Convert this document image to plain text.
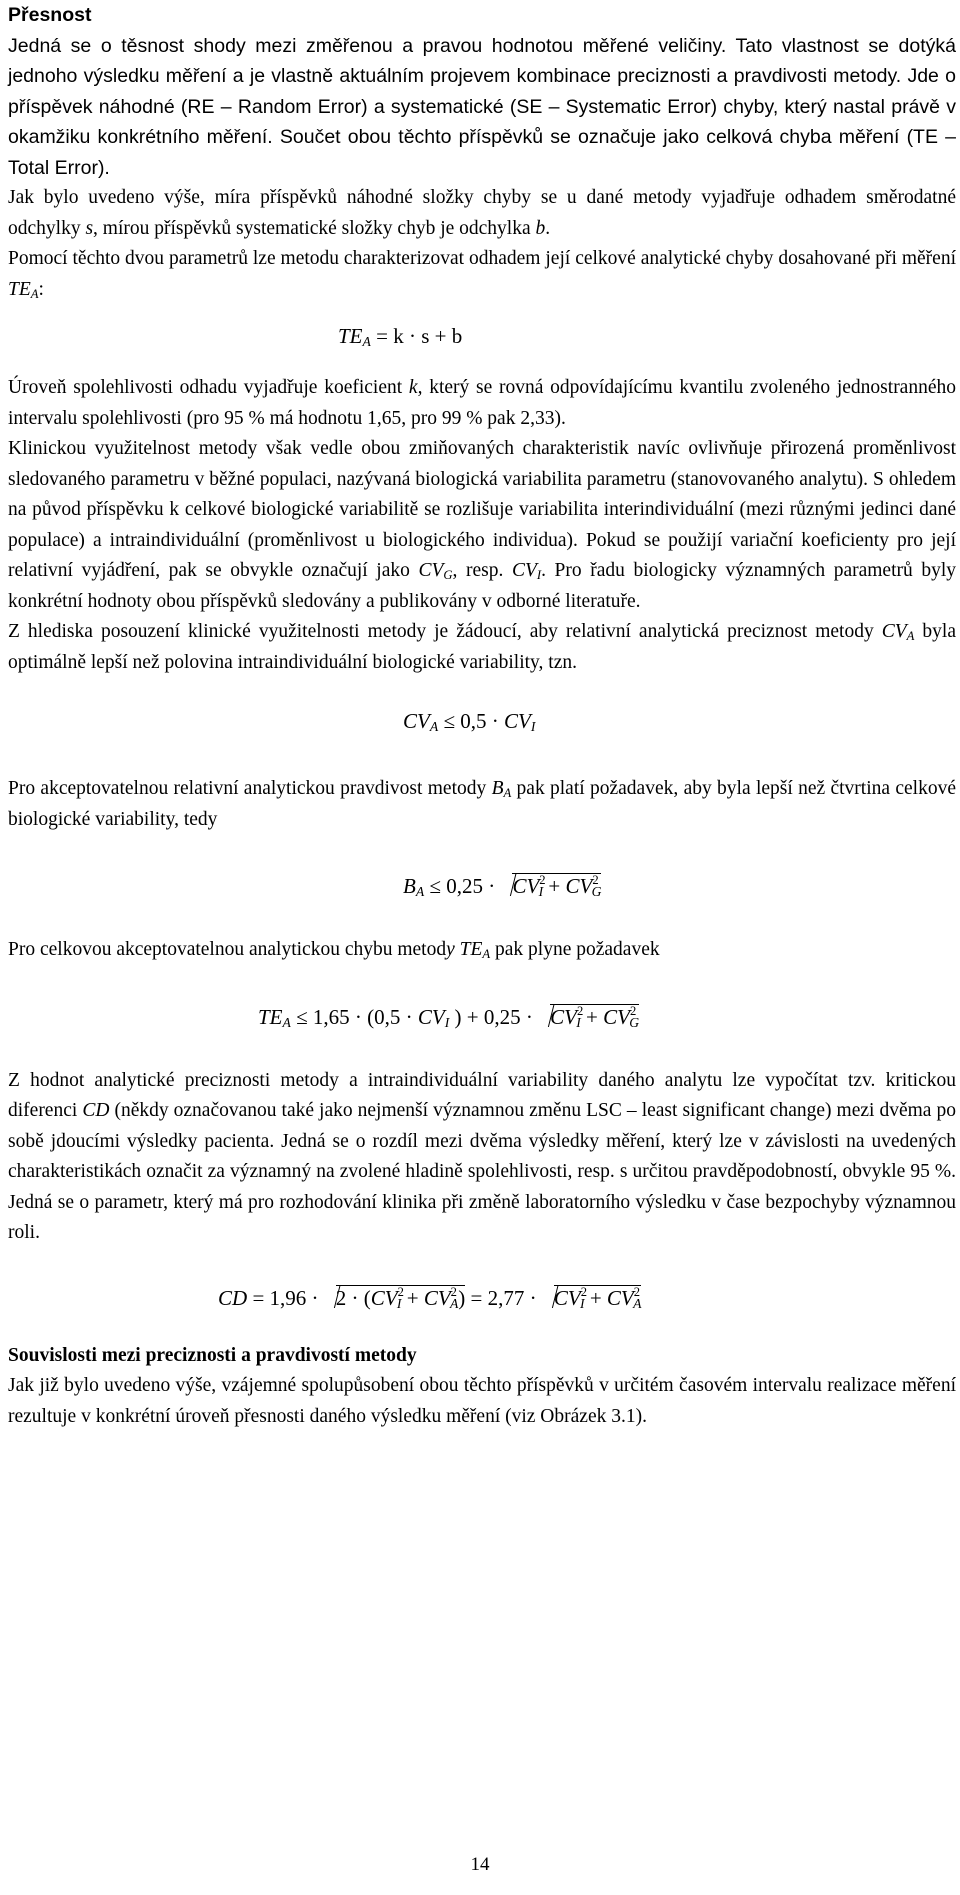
Přesnost

Jedná se o těsnost shody mezi změřenou a pravou hodnotou měřené veličiny. Tato vlastnost se dotýká jednoho výsledku měření a je vlastně aktuálním projevem kombinace preciznosti a pravdivosti metody. Jde o příspěvek náhodné (RE – Random Error) a systematické (SE – Systematic Error) chyby, který nastal právě v okamžiku konkrétního měření. Součet obou těchto příspěvků se označuje jako celková chyba měření (TE – Total Error).

Jak bylo uvedeno výše, míra příspěvků náhodné složky chyby se u dané metody vyjadřuje odhadem směrodatné odchylky s, mírou příspěvků systematické složky chyb je odchylka b.

Pomocí těchto dvou parametrů lze metodu charakterizovat odhadem její celkové analytické chyby dosahované při měření $TE_A$:

$TE_A = k \cdot s + b$

Úroveň spolehlivosti odhadu vyjadřuje koeficient k, který se rovná odpovídajícímu kvantilu zvoleného jednostranného intervalu spolehlivosti (pro 95 % má hodnotu 1,65, pro 99 % pak 2,33).

Klinickou využitelnost metody však vedle obou zmiňovaných charakteristik navíc ovlivňuje přirozená proměnlivost sledovaného parametru v běžné populaci, nazývaná biologická variabilita parametru (stanovovaného analytu). S ohledem na původ příspěvku k celkové biologické variabilitě se rozlišuje variabilita interindividuální (mezi různými jedinci dané populace) a intraindividuální (proměnlivost u biologického individua). Pokud se použijí variační koeficienty pro její relativní vyjádření, pak se obvykle označují jako $CV_G$, resp. $CV_I$. Pro řadu biologicky významných parametrů byly konkrétní hodnoty obou příspěvků sledovány a publikovány v odborné literatuře.

Z hlediska posouzení klinické využitelnosti metody je žádoucí, aby relativní analytická preciznost metody $CV_A$ byla optimálně lepší než polovina intraindividuální biologické variability, tzn.

$CV_A \le 0,5 \cdot CV_I$

Pro akceptovatelnou relativní analytickou pravdivost metody $B_A$ pak platí požadavek, aby byla lepší než čtvrtina celkové biologické variability, tedy

$B_A \le 0,25 \cdot CV^2_I + CV^2_G$

Pro celkovou akceptovatelnou analytickou chybu metody $TE_A$ pak plyne požadavek

$TE_A \le 1,65 \cdot (0,5 \cdot CV_I$ ) + $0,25 \cdot CV^2_I + CV^2_G$

Z hodnot analytické preciznosti metody a intraindividuální variability daného analytu lze vypočítat tzv. kritickou diferenci CD (někdy označovanou také jako nejmenší významnou změnu LSC – least significant change) mezi dvěma po sobě jdoucími výsledky pacienta. Jedná se o rozdíl mezi dvěma výsledky měření, který lze v závislosti na uvedených charakteristikách označit za významný na zvolené hladině spolehlivosti, resp. s určitou pravděpodobností, obvykle 95 %. Jedná se o parametr, který má pro rozhodování klinika při změně laboratorního výsledku v čase bezpochyby významnou roli.

CD = $1,96 \cdot 2 \cdot (CV^2_I + CV^2_A) = 2,77 \cdot CV^2_I + CV^2_A$

Souvislosti mezi preciznosti a pravdivostí metody

Jak již bylo uvedeno výše, vzájemné spolupůsobení obou těchto příspěvků v určitém časovém intervalu realizace měření rezultuje v konkrétní úroveň přesnosti daného výsledku měření (viz Obrázek 3.1).

14
